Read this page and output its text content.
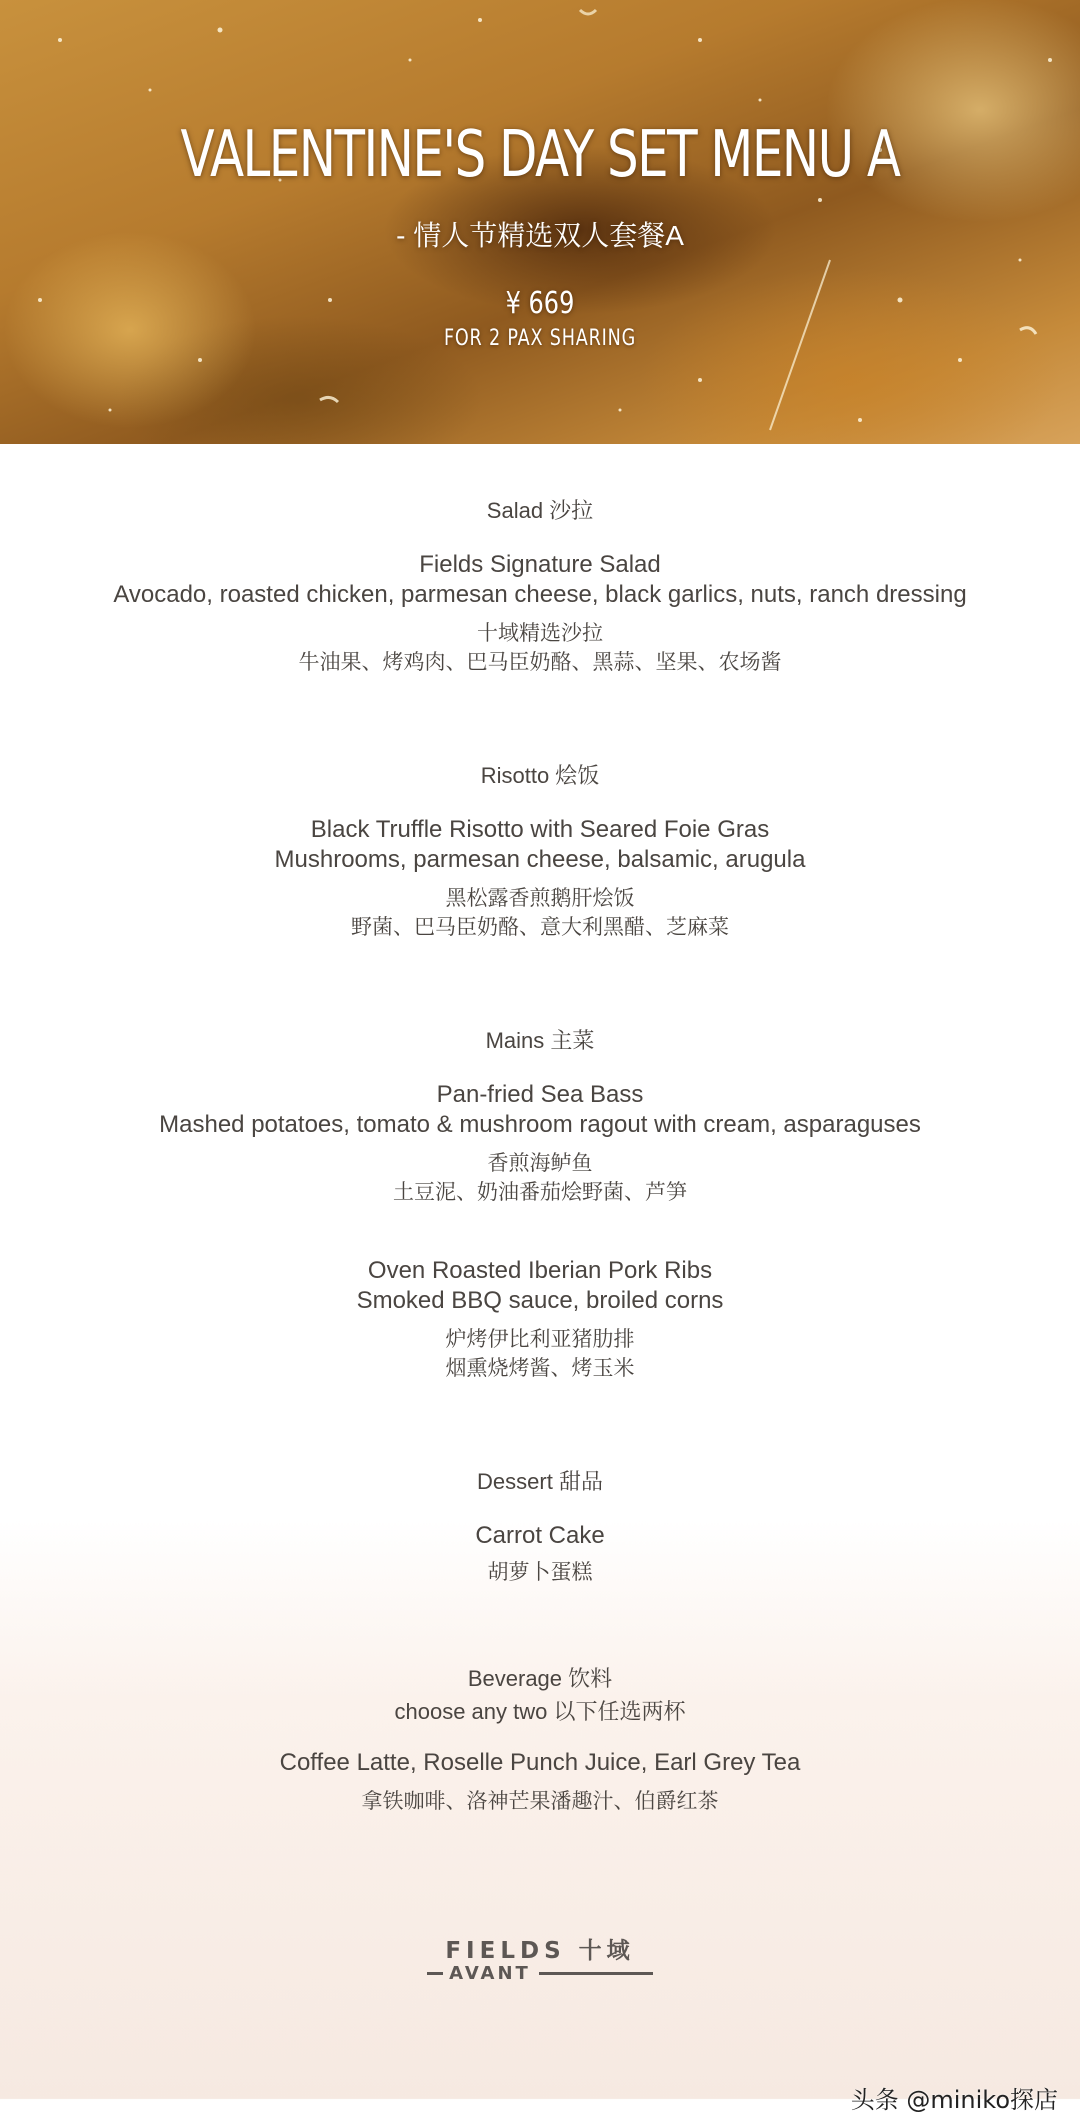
VALENTINE'S DAY SET MENU A
- 情人节精选双人套餐A
¥ 669
FOR 2 PAX SHARING
Salad 沙拉
Fields Signature Salad
Avocado, roasted chicken, parmesan cheese, black garlics, nuts, ranch dressing
十域精选沙拉
牛油果、烤鸡肉、巴马臣奶酪、黑蒜、坚果、农场酱
Risotto 烩饭
Black Truffle Risotto with Seared Foie Gras
Mushrooms, parmesan cheese, balsamic, arugula
黑松露香煎鹅肝烩饭
野菌、巴马臣奶酪、意大利黑醋、芝麻菜
Mains 主菜
Pan-fried Sea Bass
Mashed potatoes, tomato & mushroom ragout with cream, asparaguses
香煎海鲈鱼
土豆泥、奶油番茄烩野菌、芦笋
Oven Roasted Iberian Pork Ribs
Smoked BBQ sauce, broiled corns
炉烤伊比利亚猪肋排
烟熏烧烤酱、烤玉米
Dessert 甜品
Carrot Cake
胡萝卜蛋糕
Beverage 饮料
choose any two 以下任选两杯
Coffee Latte, Roselle Punch Juice, Earl Grey Tea
拿铁咖啡、洛神芒果潘趣汁、伯爵红茶
FIELDS 十域
AVANT
头条 @miniko探店
